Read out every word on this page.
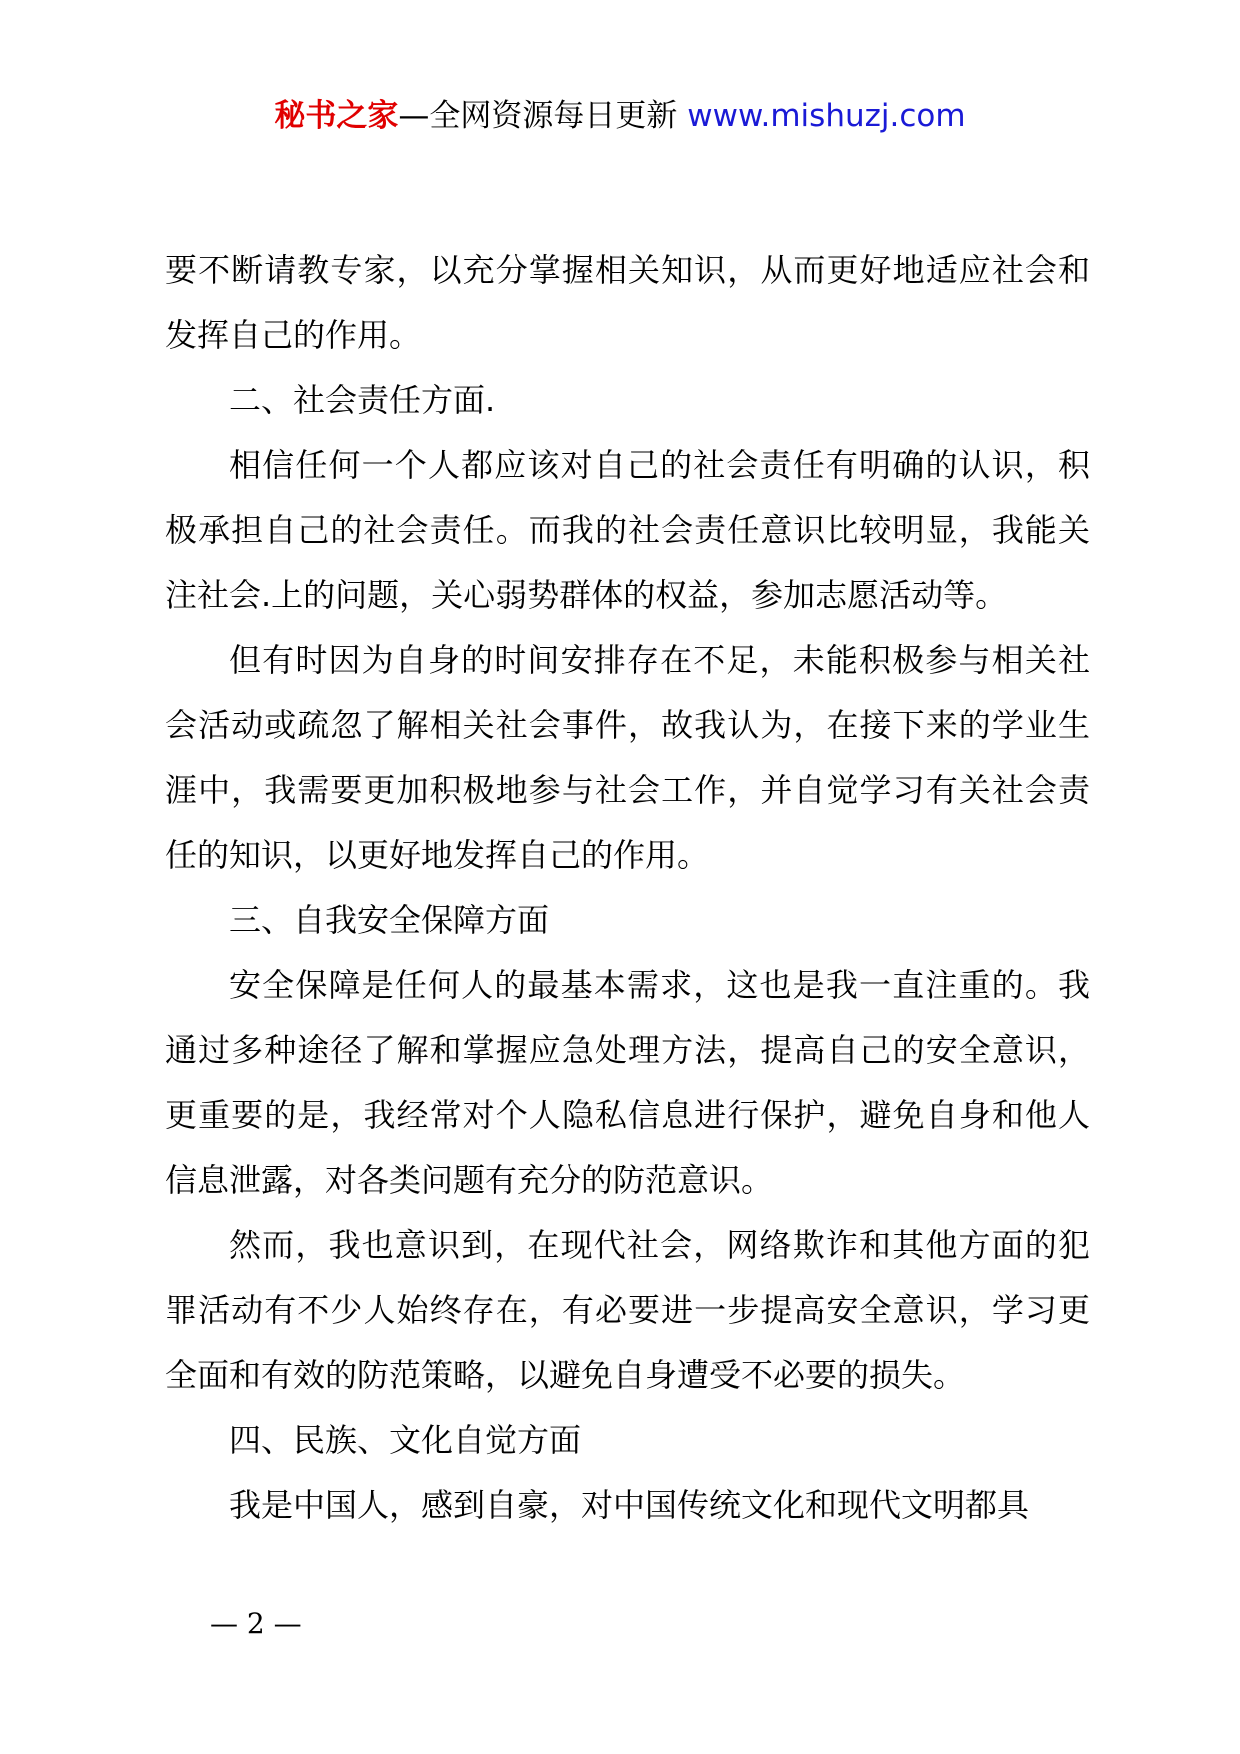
秘书之家—全网资源每日更新 www.mishuzj.com

要不断请教专家，以充分掌握相关知识，从而更好地适应社会和发挥自己的作用。

二、社会责任方面.

相信任何一个人都应该对自己的社会责任有明确的认识，积极承担自己的社会责任。而我的社会责任意识比较明显，我能关注社会.上的问题，关心弱势群体的权益，参加志愿活动等。

但有时因为自身的时间安排存在不足，未能积极参与相关社会活动或疏忽了解相关社会事件，故我认为，在接下来的学业生涯中，我需要更加积极地参与社会工作，并自觉学习有关社会责任的知识，以更好地发挥自己的作用。

三、自我安全保障方面

安全保障是任何人的最基本需求，这也是我一直注重的。我通过多种途径了解和掌握应急处理方法，提高自己的安全意识，更重要的是，我经常对个人隐私信息进行保护，避免自身和他人信息泄露，对各类问题有充分的防范意识。

然而，我也意识到，在现代社会，网络欺诈和其他方面的犯罪活动有不少人始终存在，有必要进一步提高安全意识，学习更全面和有效的防范策略，以避免自身遭受不必要的损失。

四、民族、文化自觉方面

我是中国人，感到自豪，对中国传统文化和现代文明都具

— 2 —
